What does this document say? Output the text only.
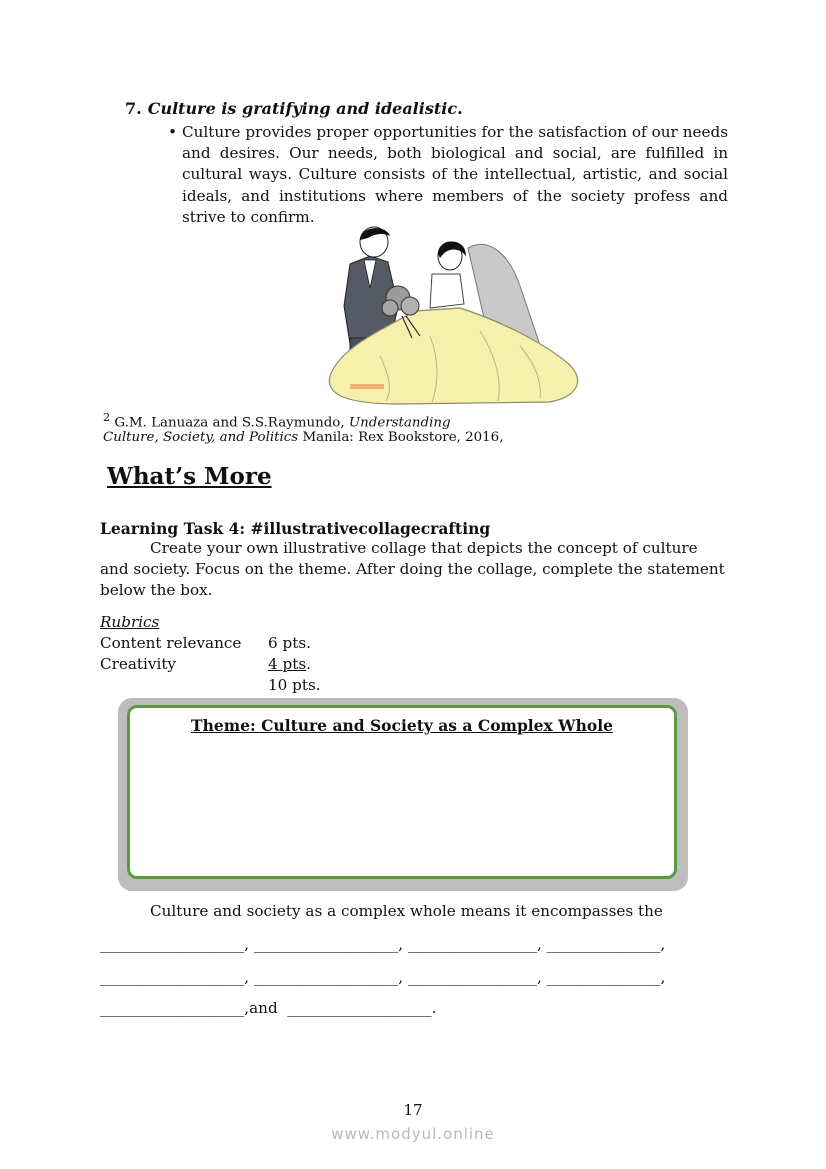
7. Culture is gratifying and idealistic.
• Culture provides proper opportunities for the satisfaction of our needs and desires. Our needs, both biological and social, are fulfilled in cultural ways. Culture consists of the intellectual, artistic, and social ideals, and institutions where members of the society profess and strive to confirm.
$^2$ G.M. Lanuaza and S.S.Raymundo, Understanding
Culture, Society, and Politics Manila: Rex Bookstore, 2016,
What’s More
Learning Task 4: #illustrativecollagecrafting
Create your own illustrative collage that depicts the concept of culture and society. Focus on the theme. After doing the collage, complete the statement below the box.
Rubrics
Content relevance 6 pts.
Creativity	4 pts.
10 pts.
Theme: Culture and Society as a Complex Whole
Culture and society as a complex whole means it encompasses the
___________________, ___________________, _________________, _______________,
___________________, ___________________, _________________, _______________,
___________________,and  ___________________.
17
www.modyul.online
